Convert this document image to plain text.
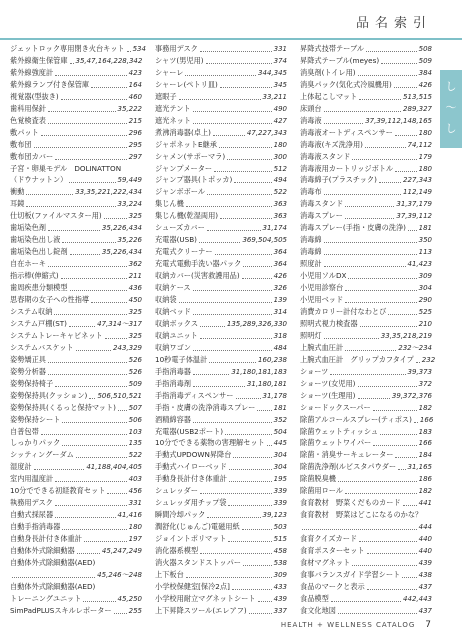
品名索引
ジェットロック専用閉き火台キット 534
紫外線衛生保管庫 35,47,164,228,342
紫外線強度計	423
紫外線ランプ付き保管庫	164
視覚器(型抜き)	460
歯科用保針	35,222
色覚検査表	215
敷パット	296
敷布団	295
敷布団カバー	297
子宮・卵巣モデル　DOLINATTON
（ドウナットン）	59,449
衝動	33,35,221,222,434
耳鏡	33,224
仕切板(ファイルマスター用)	325
歯垢染色剤	35,226,434
歯垢染色出し液	35,226
歯垢染色出し錠剤	35,226,434
自在ホーキ	362
指示棒(伸縮式)	211
歯周疾患分類模型	436
思春期の女子への性指導	450
システム収納	325
システム戸棚(ST)	47,314〜317
システムトレーキャビネット	325
システムバスケット	243,329
姿勢矯正具	526
姿勢分析器	526
姿勢保持椅子	509
姿勢保持具(クッション) 506,510,521
姿勢保持具(くるっと保持マット) 507
姿勢保持シート	506
自普包帯	103
しっかりパック	135
シッティングーダム	522
湿度計	41,188,404,405
室内用温度計	403
10分でできる初経教育セット	456
執務用デスク	331
自動式採尿器	41,416
自動手指消毒器	180
自動身長計付き体重計	197
自動体外式除細動器	45,247,249
自動体外式除細動器(AED)
45,246〜248
自動体外式除細動器(AED)
トレーニングユニット	45,250
SimPadPLUSスキルレポーター 255
事務用デスク	331
シャツ(男児用)	374
シャーレ	344,345
シャーレ(ペトリ皿)	345
遮眼子	33,211
遮光テント	490
遮光ネット	427
煮沸消毒器(卓上)	47,227,343
ジャポネットE継承	180
シャメン(サポーマラ)	300
ジャンプメーター	512
ジャンプ器具(トポッカ)	494
ジャンボボール	522
集じん機	363
集じん機(乾湿両用)	363
シューズカバー	31,174
充電器(USB)	369,504,505
充電式クリーナー	364
充電式電動手洗い器パック	364
収納カバー(災害救護用品)	426
収納ケース	326
収納袋	139
収納ベッド	314
収納ボックス	135,289,326,330
収納ユニット	318
収納ワゴン	484
10秒電子体温計	160,238
手指消毒器	31,180,181,183
手指消毒剤	31,180,181
手指消毒ディスペンサー	31,178
手指・皮膚の洗浄消毒スプレー	181
酒精綿容器	352
充電器(USB2ポート)	504
10分でできる薬物の害理解セット 445
手動式UPDOWN昇降台	304
手動式ハイローベッド	304
手動身長計付き体重計	195
シュレッダー	339
シュレッダ用チップ袋	339
瞬間冷却パック	39,123
潤舒化(じゅんご)電磁用紙	503
ジョイントポリマット	515
消化器系模型	458
消火器スタンドストッパー	538
上下板台	309
小学校保健室[保冷2点]	433
小学校用耐立マグネットシート	439
上下昇降スツール(エレアフ)	337
昇降式技帯テーブル	508
昇降式テーブル(meyes)	509
消臭剤(トイレ用)	384
消臭パック(気化式冷風機用)	426
上体起こしマット	513,515
床頭台	289,327
消毒液	37,39,112,148,165
消毒液オートディスペンサー	180
消毒液(キズ洗浄用)	74,112
消毒液スタンド	179
消毒液用カートリッジボトル	180
消毒綿子(プラスチック)	227,343
消毒布	112,149
消毒スタンド	31,37,179
消毒スプレー	37,39,112
消毒スプレー(手指・皮膚の洗浄) 181
消毒綿	350
消毒綿	113
照度計	41,423
小児用ソルDX	309
小児用診察台	304
小児用ベッド	290
消費カロリー計付なわとび	525
照明式視力検査器	210
照明灯	33,35,218,219
上腕式血圧計	232〜234
上腕式血圧計　グリップカフタイプ 232
ショーツ	39,373
ショーツ(女児用)	372
ショーツ(生理用)	39,372,376
ショードックスーパー	182
除菌アルコールスプレー(ティポス) 166
除菌ウェットティッシュ	183
除菌ウェットワイパー	166
除菌・消臭サーキュレーター	184
除菌洗浄剤(ルビスタパウダー 31,165
除菌脱臭機	186
除菌用ロール	182
食育教材　野菜くだものカード	441
食育教材　野菜はどこになるのかな？
444
食育クイズカード	440
食育ポスターセット	440
食材マグネット	439
食事バランスガイド学習シート	438
食品のマークと表示	437
食品模型	442,443
食文化地図	437
し
〜
し
HEALTH + WELLNESS CATALOG 7
